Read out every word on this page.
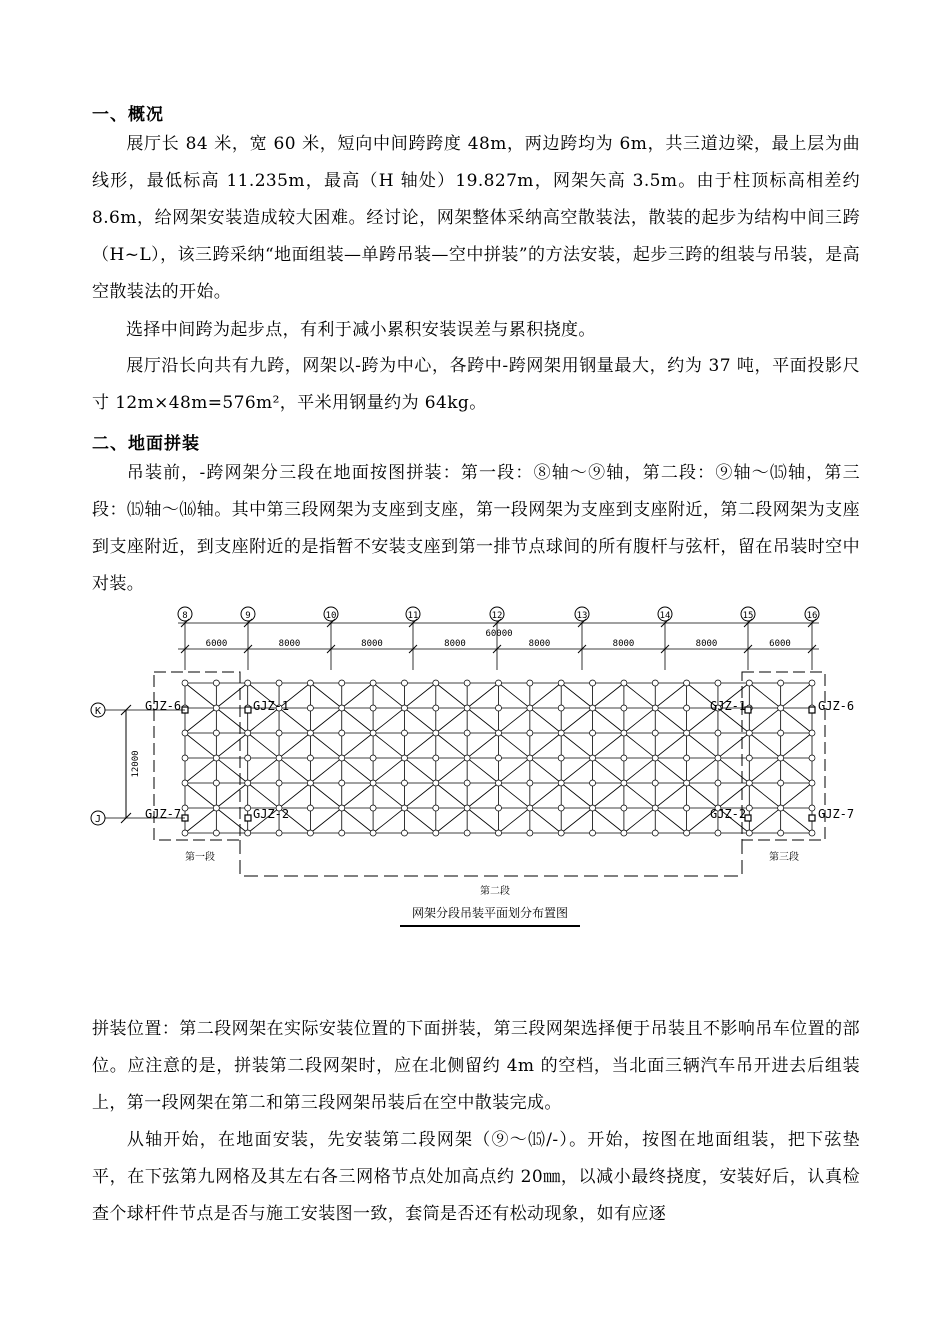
一、概况
展厅长 84 米，宽 60 米，短向中间跨跨度 48m，两边跨均为 6m，共三道边梁，最上层为曲线形，最低标高 11.235m，最高（H 轴处）19.827m，网架矢高 3.5m。由于柱顶标高相差约 8.6m，给网架安装造成较大困难。经讨论，网架整体采纳高空散装法，散装的起步为结构中间三跨（H~L），该三跨采纳“地面组装—单跨吊装—空中拼装”的方法安装，起步三跨的组装与吊装，是高空散装法的开始。
选择中间跨为起步点，有利于减小累积安装误差与累积挠度。
展厅沿长向共有九跨，网架以-跨为中心，各跨中-跨网架用钢量最大，约为 37 吨，平面投影尺寸 12m×48m=576m²，平米用钢量约为 64kg。
二、地面拼装
吊装前，-跨网架分三段在地面按图拼装：第一段：⑧轴～⑨轴，第二段：⑨轴～⒂轴，第三段：⒂轴～⒃轴。其中第三段网架为支座到支座，第一段网架为支座到支座附近，第二段网架为支座到支座附近，到支座附近的是指暂不安装支座到第一排节点球间的所有腹杆与弦杆，留在吊装时空中对装。
8	9	10	11	12	13	14	15	16
60000
6000	8000	8000	8000	8000	8000	8000	6000
K
J
12000
GJZ-6	GJZ-1
GJZ-7	GJZ-2
GJZ-1	GJZ-6
GJZ-2	GJZ-7
第一段	第三段
第二段
网架分段吊装平面划分布置图
拼装位置：第二段网架在实际安装位置的下面拼装，第三段网架选择便于吊装且不影响吊车位置的部位。应注意的是，拼装第二段网架时，应在北侧留约 4m 的空档，当北面三辆汽车吊开进去后组装上，第一段网架在第二和第三段网架吊装后在空中散装完成。
从轴开始，在地面安装，先安装第二段网架（⑨～⒂/-）。开始，按图在地面组装，把下弦垫平，在下弦第九网格及其左右各三网格节点处加高点约 20㎜，以减小最终挠度，安装好后，认真检查个球杆件节点是否与施工安装图一致，套筒是否还有松动现象，如有应逐
